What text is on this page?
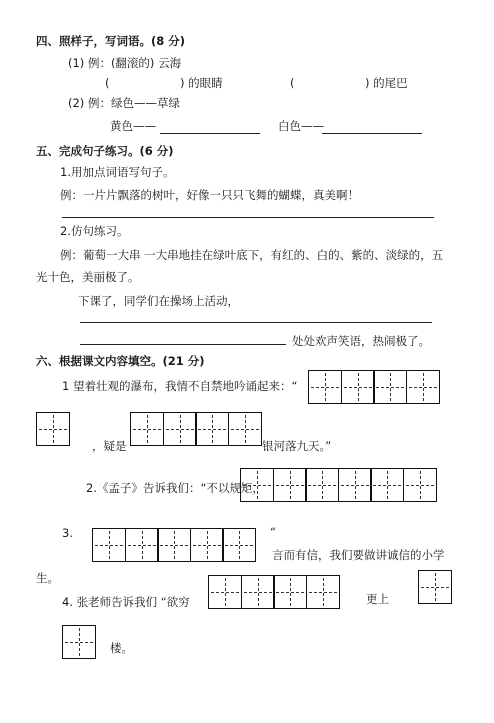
四、照样子，写词语。(8 分)
(1) 例：(翻滚的) 云海
(	) 的眼睛	(	) 的尾巴
(2) 例：绿色——草绿
黄色——	白色——
五、完成句子练习。(6 分)
1.用加点词语写句子。
例：一片片飘落的树叶，好像一只只飞舞的蝴蝶，真美啊！
2.仿句练习。
例：葡萄一大串 一大串地挂在绿叶底下，有红的、白的、紫的、淡绿的，五
光十色，美丽极了。
下课了，同学们在操场上活动，
处处欢声笑语，热闹极了。
六、根据课文内容填空。(21 分)
1 望着壮观的瀑布，我情不自禁地吟诵起来：“
，疑是	银河落九天。”
2.《孟子》告诉我们：“不以规矩，
3.	“
言而有信，我们要做讲诚信的小学
生。
4. 张老师告诉我们 “欲穷	更上
楼。
